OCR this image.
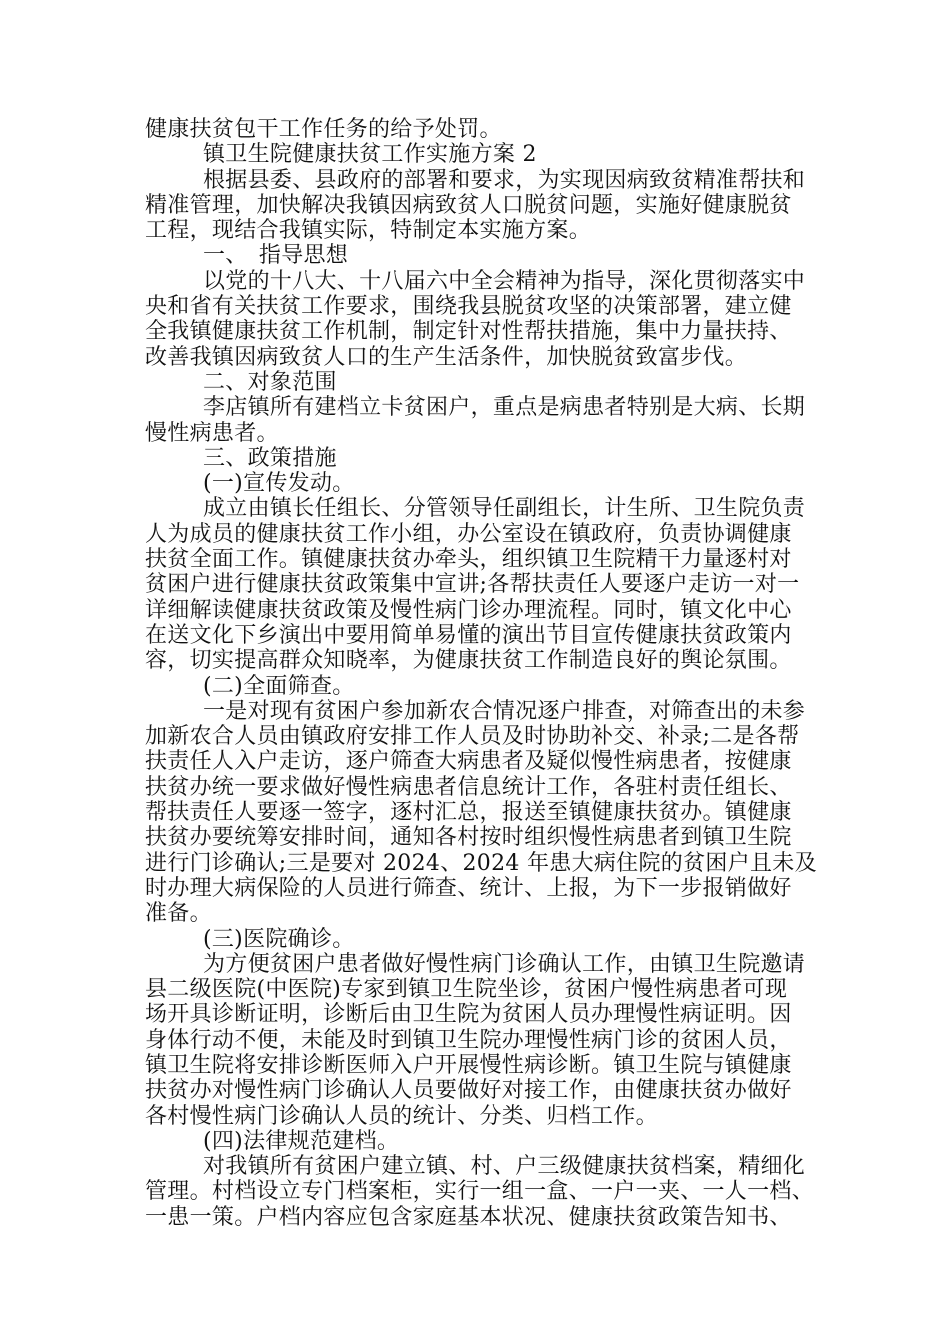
健康扶贫包干工作任务的给予处罚。
镇卫生院健康扶贫工作实施方案 2
根据县委、县政府的部署和要求，为实现因病致贫精准帮扶和
精准管理，加快解决我镇因病致贫人口脱贫问题，实施好健康脱贫
工程，现结合我镇实际，特制定本实施方案。
一、　指导思想
以党的十八大、十八届六中全会精神为指导，深化贯彻落实中
央和省有关扶贫工作要求，围绕我县脱贫攻坚的决策部署，建立健
全我镇健康扶贫工作机制，制定针对性帮扶措施，集中力量扶持、
改善我镇因病致贫人口的生产生活条件，加快脱贫致富步伐。
二、对象范围
李店镇所有建档立卡贫困户，重点是病患者特别是大病、长期
慢性病患者。
三、政策措施
(一)宣传发动。
成立由镇长任组长、分管领导任副组长，计生所、卫生院负责
人为成员的健康扶贫工作小组，办公室设在镇政府，负责协调健康
扶贫全面工作。镇健康扶贫办牵头，组织镇卫生院精干力量逐村对
贫困户进行健康扶贫政策集中宣讲;各帮扶责任人要逐户走访一对一
详细解读健康扶贫政策及慢性病门诊办理流程。同时，镇文化中心
在送文化下乡演出中要用简单易懂的演出节目宣传健康扶贫政策内
容，切实提高群众知晓率，为健康扶贫工作制造良好的舆论氛围。
(二)全面筛查。
一是对现有贫困户参加新农合情况逐户排查，对筛查出的未参
加新农合人员由镇政府安排工作人员及时协助补交、补录;二是各帮
扶责任人入户走访，逐户筛查大病患者及疑似慢性病患者，按健康
扶贫办统一要求做好慢性病患者信息统计工作，各驻村责任组长、
帮扶责任人要逐一签字，逐村汇总，报送至镇健康扶贫办。镇健康
扶贫办要统筹安排时间，通知各村按时组织慢性病患者到镇卫生院
进行门诊确认;三是要对 2024、2024 年患大病住院的贫困户且未及
时办理大病保险的人员进行筛查、统计、上报，为下一步报销做好
准备。
(三)医院确诊。
为方便贫困户患者做好慢性病门诊确认工作，由镇卫生院邀请
县二级医院(中医院)专家到镇卫生院坐诊，贫困户慢性病患者可现
场开具诊断证明，诊断后由卫生院为贫困人员办理慢性病证明。因
身体行动不便，未能及时到镇卫生院办理慢性病门诊的贫困人员，
镇卫生院将安排诊断医师入户开展慢性病诊断。镇卫生院与镇健康
扶贫办对慢性病门诊确认人员要做好对接工作，由健康扶贫办做好
各村慢性病门诊确认人员的统计、分类、归档工作。
(四)法律规范建档。
对我镇所有贫困户建立镇、村、户三级健康扶贫档案，精细化
管理。村档设立专门档案柜，实行一组一盒、一户一夹、一人一档、
一患一策。户档内容应包含家庭基本状况、健康扶贫政策告知书、
